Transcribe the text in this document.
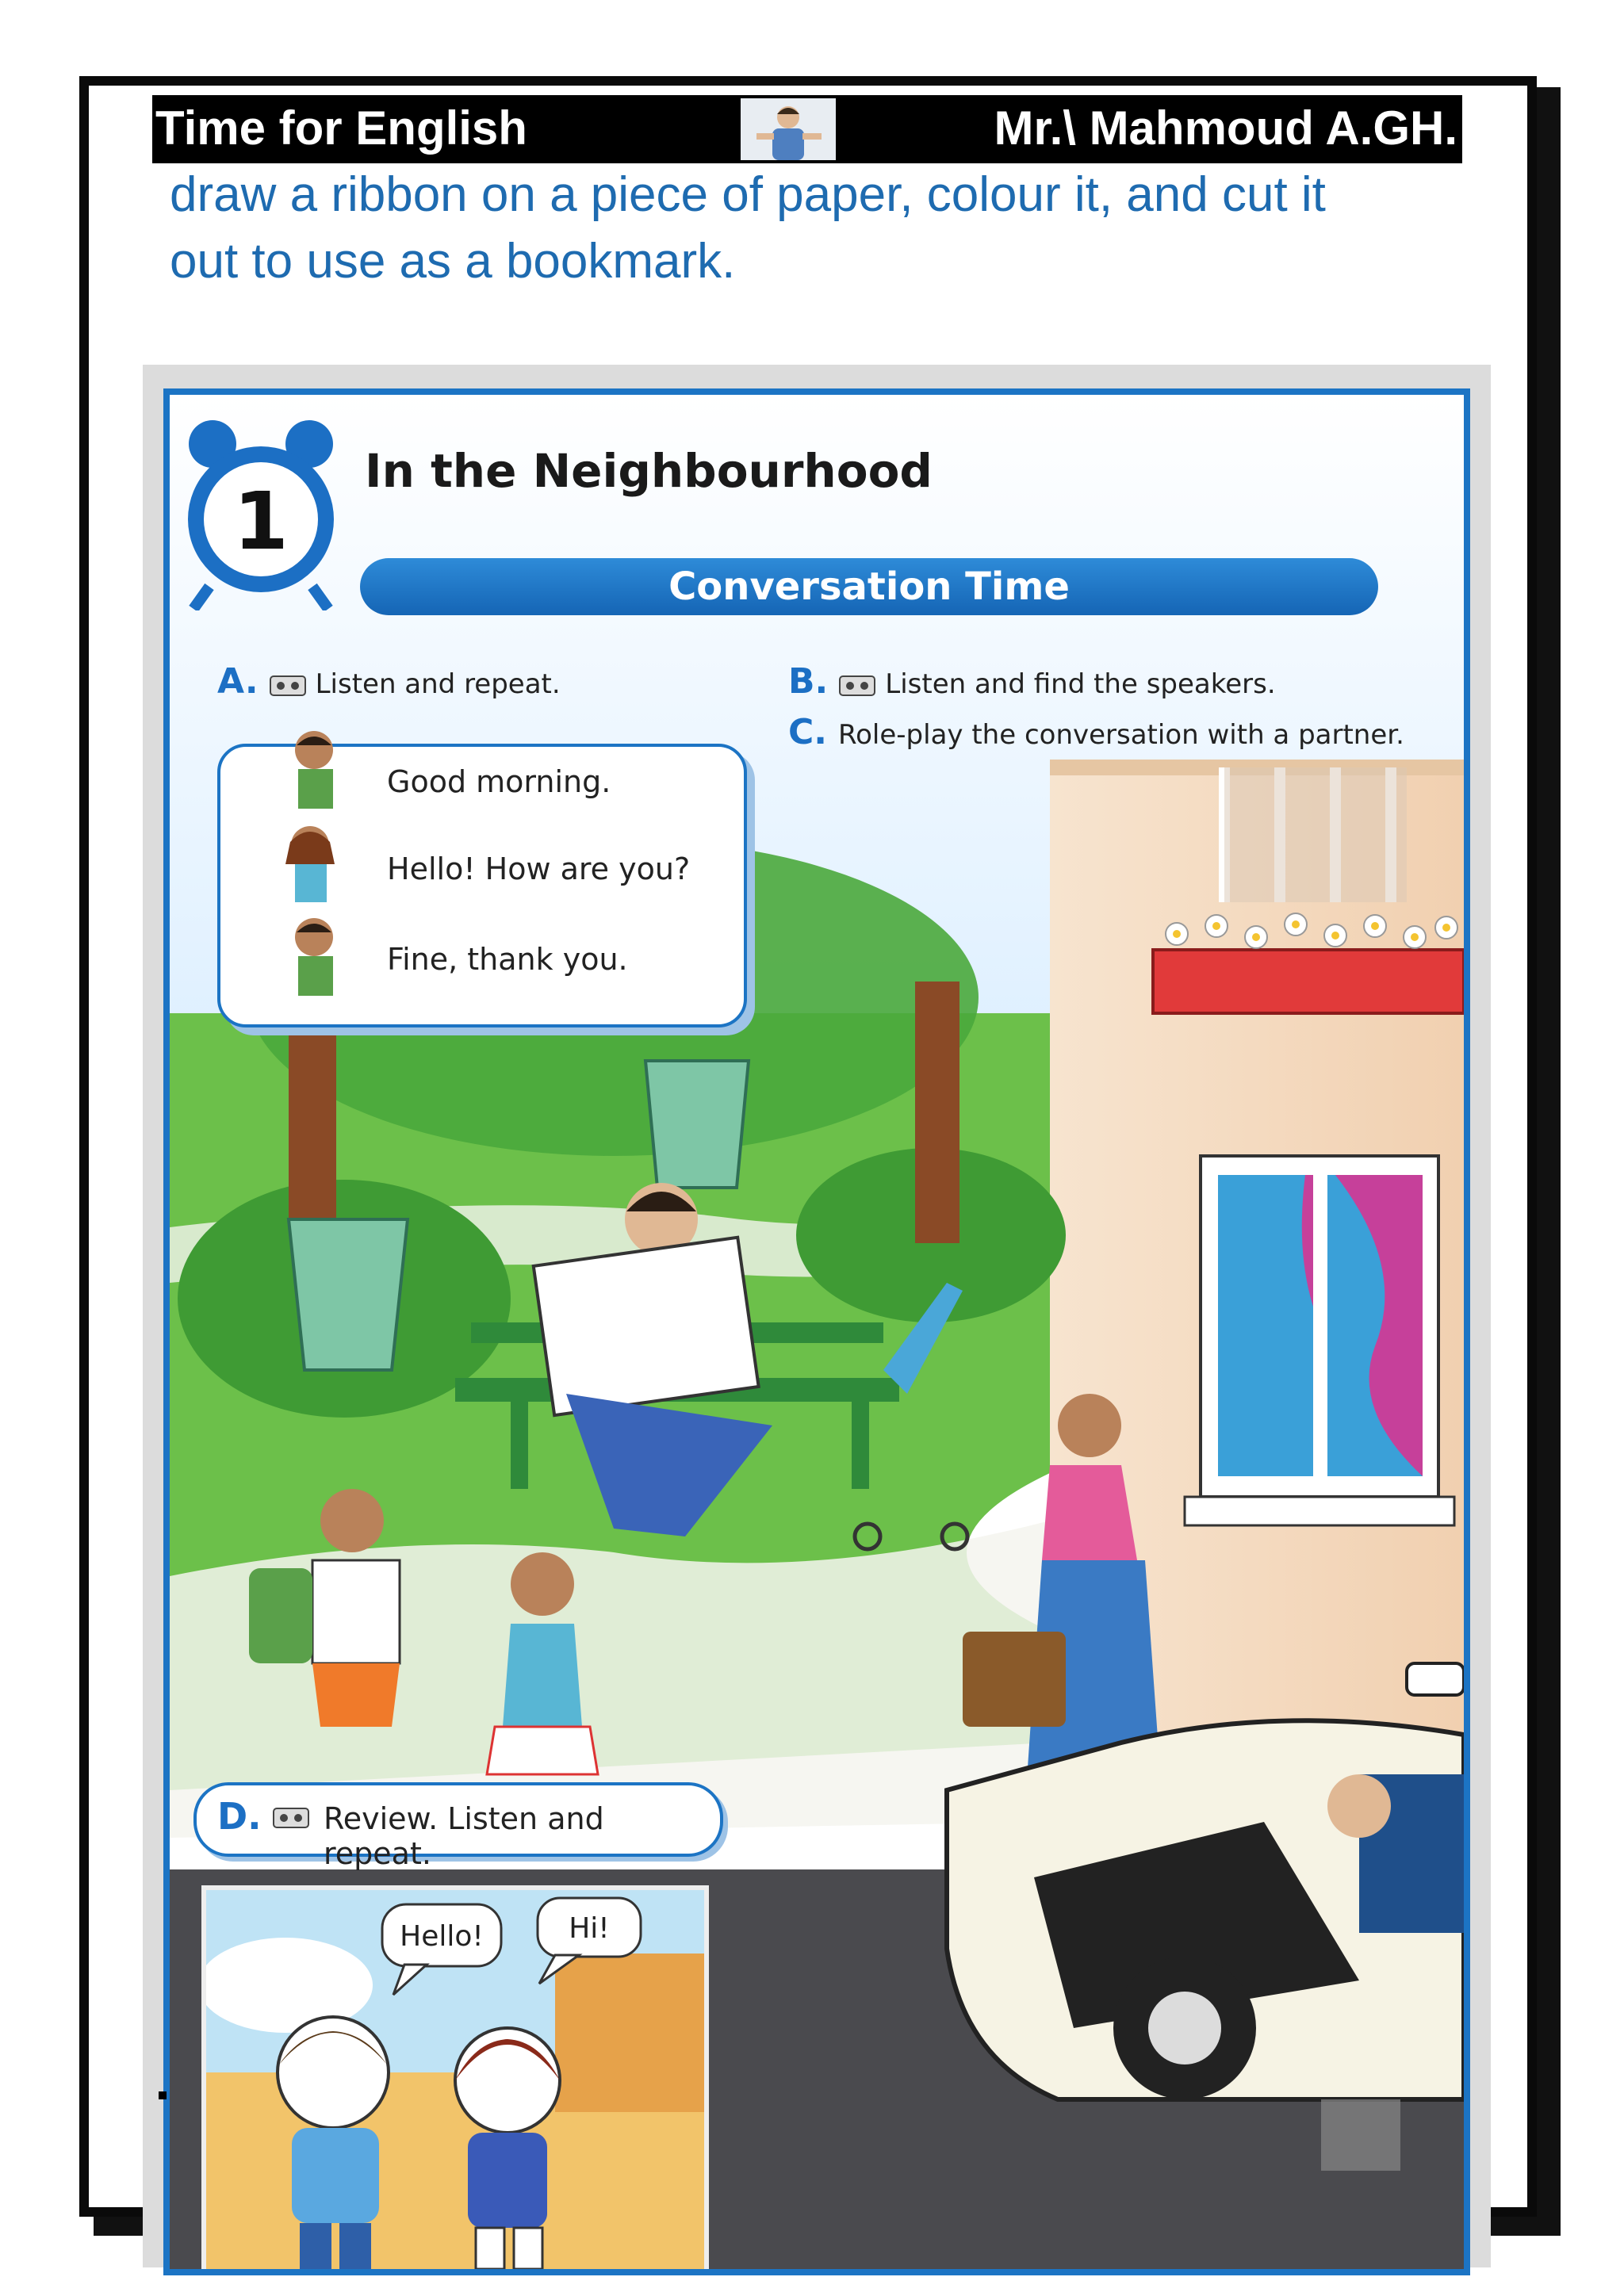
Time for English	Mr.\ Mahmoud A.GH.
draw a ribbon on a piece of paper, colour it, and cut it
out to use as a bookmark.
1
In the Neighbourhood
Conversation Time
A. Listen and repeat.	B. Listen and find the speakers.
C. Role-play the conversation with a partner.
Good morning.
Hello! How are you?
Fine, thank you.
D. Review. Listen and repeat.
Hello!	Hi!
